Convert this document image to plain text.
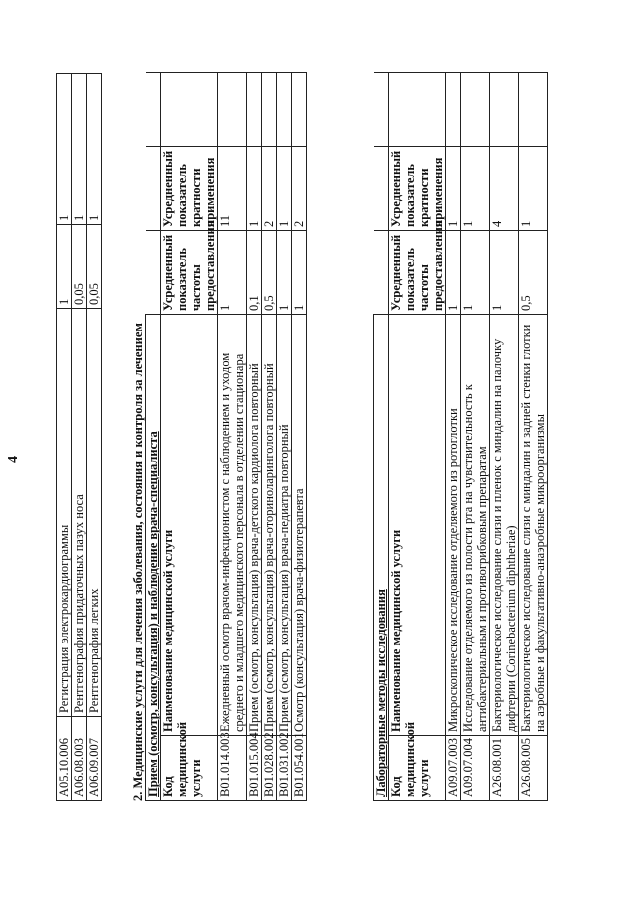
4
A05.10.006	Регистрация электрокардиограммы	1	1
A06.08.003	Рентгенография придаточных пазух носа	0,05	1
A06.09.007	Рентгенография легких	0,05	1
2. Медицинские услуги для лечения заболевания, состояния и контроля за лечением Прием (осмотр, консультация) и наблюдение врача-специалиста				
Код медицинской услуги	Наименование медицинской услуги	Усредненный показатель частоты предоставления	Усредненный показатель кратности применения	
B01.014.003	Ежедневный осмотр врачом-инфекционистом с наблюдением и уходом среднего и младшего медицинского персонала в отделении стационара	1	11	
B01.015.004	Прием (осмотр, консультация) врача-детского кардиолога повторный	0,1	1	
B01.028.002	Прием (осмотр, консультация) врача-оториноларинголога повторный	0,5	2	
B01.031.002	Прием (осмотр, консультация) врача-педиатра повторный	1	1	
B01.054.001	Осмотр (консультация) врача-физиотерапевта	1	2	
Лабораторные методы исследования				
Код медицинской услуги	Наименование медицинской услуги	Усредненный показатель частоты предоставления	Усредненный показатель кратности применения	
A09.07.003	Микроскопическое исследование отделяемого из ротоглотки	1	1	
A09.07.004	Исследование отделяемого из полости рта на чувствительность к антибактериальным и противогрибковым препаратам	1	1	
A26.08.001	Бактериологическое исследование слизи и пленок с миндалин на палочку дифтерии (Corinebacterium diphtheriae)	1	4	
A26.08.005	Бактериологическое исследование слизи с миндалин и задней стенки глотки на аэробные и факультативно-анаэробные микроорганизмы	0,5	1	
